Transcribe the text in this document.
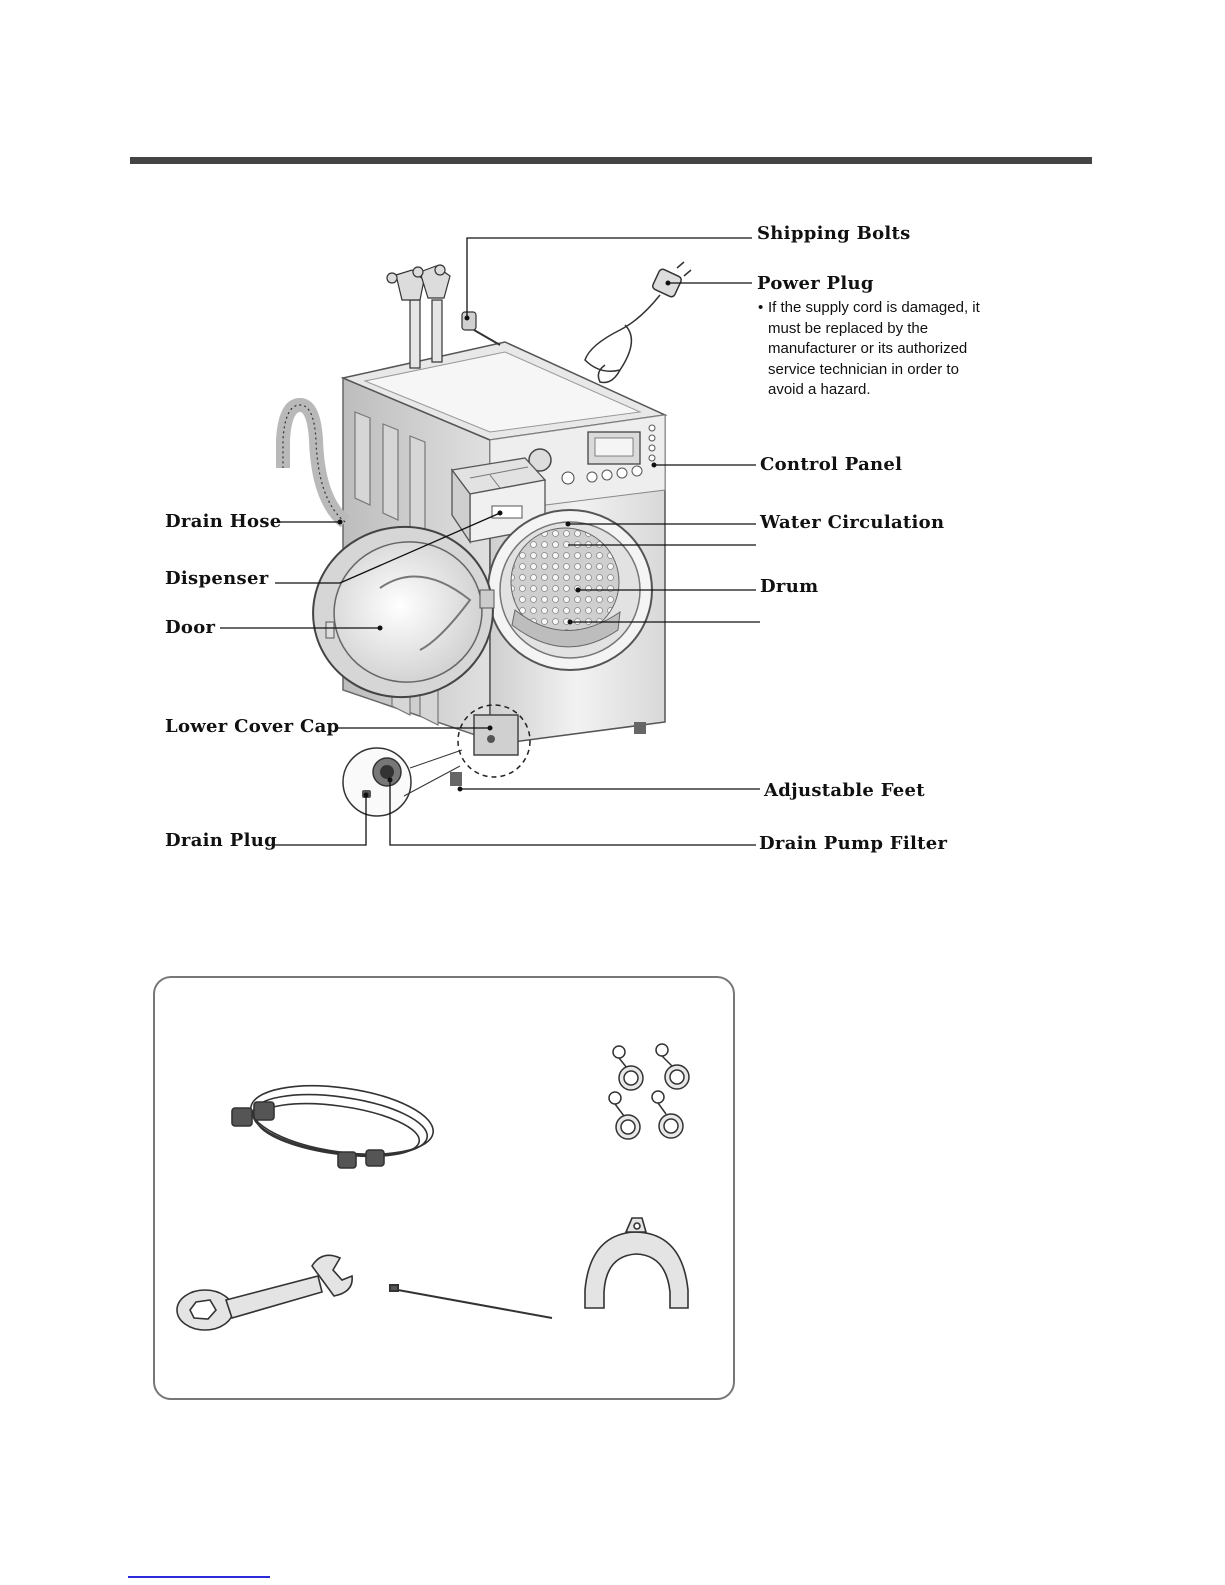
Shipping Bolts
Power Plug
• If the supply cord is damaged, it must be replaced by the manufacturer or its authorized service technician in order to avoid a hazard.
Control Panel
Drain Hose	Water Circulation
Dispenser	Drum
Door
Lower Cover Cap
Adjustable Feet
Drain Plug	Drain Pump Filter
